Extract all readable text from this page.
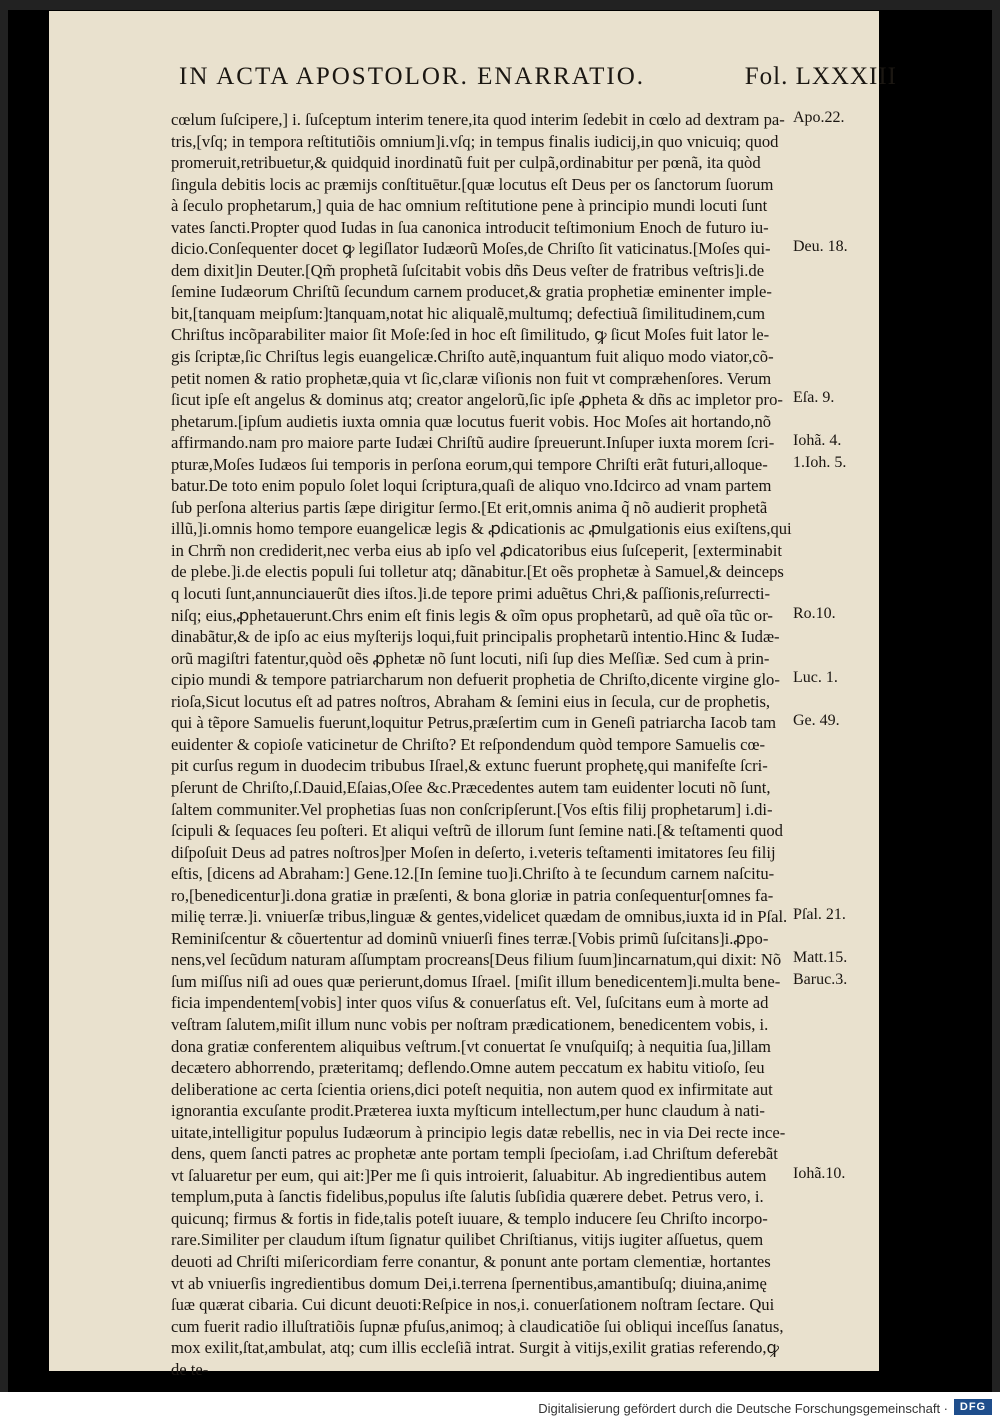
IN ACTA APOSTOLOR. ENARRATIO.	Fol. LXXXIII
cœlum ſuſcipere,] i. ſuſceptum interim tenere,ita quod interim ſedebit in cœlo ad dextram pa-
tris,[vſq; in tempora reſtitutiõis omnium]i.vſq; in tempus finalis iudicij,in quo vnicuiq; quod
promeruit,retribuetur,& quidquid inordinatũ fuit per culpã,ordinabitur per pœnã, ita quòd
ſingula debitis locis ac præmijs conſtituētur.[quæ locutus eſt Deus per os ſanctorum ſuorum
à ſeculo prophetarum,] quia de hac omnium reſtitutione pene à principio mundi locuti ſunt
vates ſancti.Propter quod Iudas in ſua canonica introducit teſtimonium Enoch de futuro iu-
dicio.Conſequenter docet ꝙ legiſlator Iudæorũ Moſes,de Chriſto ſit vaticinatus.[Moſes qui-
dem dixit]in Deuter.[Qm̃ prophetã ſuſcitabit vobis dñs Deus veſter de fratribus veſtris]i.de
ſemine Iudæorum Chriſtũ ſecundum carnem producet,& gratia prophetiæ eminenter imple-
bit,[tanquam meipſum:]tanquam,notat hic aliqualẽ,multumq; defectiuã ſimilitudinem,cum
Chriſtus incõparabiliter maior ſit Moſe:ſed in hoc eſt ſimilitudo, ꝙ ſicut Moſes fuit lator le-
gis ſcriptæ,ſic Chriſtus legis euangelicæ.Chriſto autẽ,inquantum fuit aliquo modo viator,cõ-
petit nomen & ratio prophetæ,quia vt ſic,claræ viſionis non fuit vt compræhenſores. Verum
ſicut ipſe eſt angelus & dominus atq; creator angelorũ,ſic ipſe ꝓpheta & dñs ac impletor pro-
phetarum.[ipſum audietis iuxta omnia quæ locutus fuerit vobis. Hoc Moſes ait hortando,nõ
affirmando.nam pro maiore parte Iudæi Chriſtũ audire ſpreuerunt.Inſuper iuxta morem ſcri-
pturæ,Moſes Iudæos ſui temporis in perſona eorum,qui tempore Chriſti erãt futuri,alloque-
batur.De toto enim populo ſolet loqui ſcriptura,quaſi de aliquo vno.Idcirco ad vnam partem
ſub perſona alterius partis ſæpe dirigitur ſermo.[Et erit,omnis anima q̃ nõ audierit prophetã
illũ,]i.omnis homo tempore euangelicæ legis & ꝓdicationis ac ꝓmulgationis eius exiſtens,qui
in Chrm̃ non crediderit,nec verba eius ab ipſo vel ꝓdicatoribus eius ſuſceperit, [exterminabit
de plebe.]i.de electis populi ſui tolletur atq; dãnabitur.[Et oẽs prophetæ à Samuel,& deinceps
q locuti ſunt,annunciauerũt dies iſtos.]i.de tepore primi aduẽtus Chri,& paſſionis,reſurrecti-
niſq; eius,ꝓphetauerunt.Chrs enim eſt finis legis & oĩm opus prophetarũ, ad quẽ oĩa tũc or-
dinabãtur,& de ipſo ac eius myſterijs loqui,fuit principalis prophetarũ intentio.Hinc & Iudæ-
orũ magiſtri fatentur,quòd oẽs ꝓphetæ nõ ſunt locuti, niſi ſup dies Meſſiæ. Sed cum à prin-
cipio mundi & tempore patriarcharum non defuerit prophetia de Chriſto,dicente virgine glo-
rioſa,Sicut locutus eſt ad patres noſtros, Abraham & ſemini eius in ſecula, cur de prophetis,
qui à tẽpore Samuelis fuerunt,loquitur Petrus,præſertim cum in Geneſi patriarcha Iacob tam
euidenter & copioſe vaticinetur de Chriſto? Et reſpondendum quòd tempore Samuelis cœ-
pit curſus regum in duodecim tribubus Iſrael,& extunc fuerunt prophetę,qui manifeſte ſcri-
pſerunt de Chriſto,ſ.Dauid,Eſaias,Oſee &c.Præcedentes autem tam euidenter locuti nõ ſunt,
ſaltem communiter.Vel prophetias ſuas non conſcripſerunt.[Vos eſtis filij prophetarum] i.di-
ſcipuli & ſequaces ſeu poſteri. Et aliqui veſtrũ de illorum ſunt ſemine nati.[& teſtamenti quod
diſpoſuit Deus ad patres noſtros]per Moſen in deſerto, i.veteris teſtamenti imitatores ſeu filij
eſtis, [dicens ad Abraham:] Gene.12.[In ſemine tuo]i.Chriſto à te ſecundum carnem naſcitu-
ro,[benedicentur]i.dona gratiæ in præſenti, & bona gloriæ in patria conſequentur[omnes fa-
milię terræ.]i. vniuerſæ tribus,linguæ & gentes,videlicet quædam de omnibus,iuxta id in Pſal.
Reminiſcentur & cõuertentur ad dominũ vniuerſi fines terræ.[Vobis primũ ſuſcitans]i.ꝓpo-
nens,vel ſecũdum naturam aſſumptam procreans[Deus filium ſuum]incarnatum,qui dixit: Nõ
ſum miſſus niſi ad oues quæ perierunt,domus Iſrael. [miſit illum benedicentem]i.multa bene-
ficia impendentem[vobis] inter quos viſus & conuerſatus eſt. Vel, ſuſcitans eum à morte ad
veſtram ſalutem,miſit illum nunc vobis per noſtram prædicationem, benedicentem vobis, i.
dona gratiæ conferentem aliquibus veſtrum.[vt conuertat ſe vnuſquiſq; à nequitia ſua,]illam
decætero abhorrendo, præteritamq; deflendo.Omne autem peccatum ex habitu vitioſo, ſeu
deliberatione ac certa ſcientia oriens,dici poteſt nequitia, non autem quod ex infirmitate aut
ignorantia excuſante prodit.Præterea iuxta myſticum intellectum,per hunc claudum à nati-
uitate,intelligitur populus Iudæorum à principio legis datæ rebellis, nec in via Dei recte ince-
dens, quem ſancti patres ac prophetæ ante portam templi ſpecioſam, i.ad Chriſtum deferebãt
vt ſaluaretur per eum, qui ait:]Per me ſi quis introierit, ſaluabitur. Ab ingredientibus autem
templum,puta à ſanctis fidelibus,populus iſte ſalutis ſubſidia quærere debet. Petrus vero, i.
quicunq; firmus & fortis in fide,talis poteſt iuuare, & templo inducere ſeu Chriſto incorpo-
rare.Similiter per claudum iſtum ſignatur quilibet Chriſtianus, vitijs iugiter aſſuetus, quem
deuoti ad Chriſti miſericordiam ferre conantur, & ponunt ante portam clementiæ, hortantes
vt ab vniuerſis ingredientibus domum Dei,i.terrena ſpernentibus,amantibuſq; diuina,animę
ſuæ quærat cibaria. Cui dicunt deuoti:Reſpice in nos,i. conuerſationem noſtram ſectare. Qui
cum fuerit radio illuſtratiõis ſupnæ pfuſus,animoq; à claudicatiõe ſui obliqui inceſſus ſanatus,
mox exilit,ſtat,ambulat, atq; cum illis eccleſiã intrat. Surgit à vitijs,exilit gratias referendo,ꝙ
de te-
Apo.22.
Deu. 18.
Eſa. 9.
Iohã. 4.
1.Ioh. 5.
Ro.10.
Luc. 1.
Ge. 49.
Pſal. 21.
Matt.15.
Baruc.3.
Iohã.10.
Digitalisierung gefördert durch die Deutsche Forschungsgemeinschaft ·	DFG
